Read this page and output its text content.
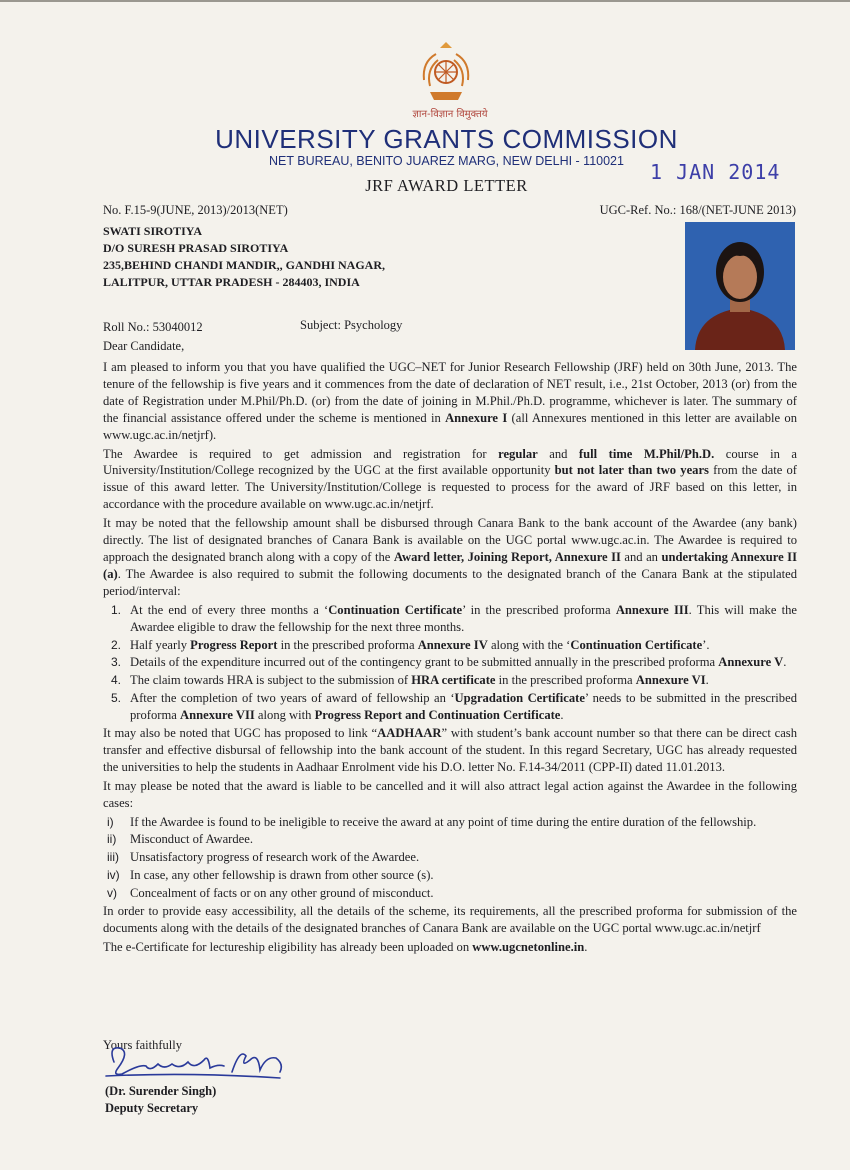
ज्ञान-विज्ञान विमुक्तये
UNIVERSITY GRANTS COMMISSION
NET BUREAU, BENITO JUAREZ MARG, NEW DELHI - 110021	1 JAN 2014
JRF AWARD LETTER
No. F.15-9(JUNE, 2013)/2013(NET)	UGC-Ref. No.: 168/(NET-JUNE 2013)
SWATI SIROTIYA
D/O SURESH PRASAD SIROTIYA
235,BEHIND CHANDI MANDIR,, GANDHI NAGAR,
LALITPUR, UTTAR PRADESH - 284403, INDIA
Roll No.: 53040012	Subject: Psychology
Dear Candidate,

I am pleased to inform you that you have qualified the UGC–NET for Junior Research Fellowship (JRF) held on 30th June, 2013. The tenure of the fellowship is five years and it commences from the date of declaration of NET result, i.e., 21st October, 2013 (or) from the date of Registration under M.Phil/Ph.D. (or) from the date of joining in M.Phil./Ph.D. programme, whichever is later. The summary of the financial assistance offered under the scheme is mentioned in Annexure I (all Annexures mentioned in this letter are available on www.ugc.ac.in/netjrf).

The Awardee is required to get admission and registration for regular and full time M.Phil/Ph.D. course in a University/Institution/College recognized by the UGC at the first available opportunity but not later than two years from the date of issue of this award letter. The University/Institution/College is requested to process for the award of JRF based on this letter, in accordance with the procedure available on www.ugc.ac.in/netjrf.

It may be noted that the fellowship amount shall be disbursed through Canara Bank to the bank account of the Awardee (any bank) directly. The list of designated branches of Canara Bank is available on the UGC portal www.ugc.ac.in. The Awardee is required to approach the designated branch along with a copy of the Award letter, Joining Report, Annexure II and an undertaking Annexure II (a). The Awardee is also required to submit the following documents to the designated branch of the Canara Bank at the stipulated period/interval:

1. At the end of every three months a ‘Continuation Certificate’ in the prescribed proforma Annexure III. This will make the Awardee eligible to draw the fellowship for the next three months.
2. Half yearly Progress Report in the prescribed proforma Annexure IV along with the ‘Continuation Certificate’.
3. Details of the expenditure incurred out of the contingency grant to be submitted annually in the prescribed proforma Annexure V.
4. The claim towards HRA is subject to the submission of HRA certificate in the prescribed proforma Annexure VI.
5. After the completion of two years of award of fellowship an ‘Upgradation Certificate’ needs to be submitted in the prescribed proforma Annexure VII along with Progress Report and Continuation Certificate.

It may also be noted that UGC has proposed to link “AADHAAR” with student’s bank account number so that there can be direct cash transfer and effective disbursal of fellowship into the bank account of the student. In this regard Secretary, UGC has already requested the universities to help the students in Aadhaar Enrolment vide his D.O. letter No. F.14-34/2011 (CPP-II) dated 11.01.2013.

It may please be noted that the award is liable to be cancelled and it will also attract legal action against the Awardee in the following cases:

i) If the Awardee is found to be ineligible to receive the award at any point of time during the entire duration of the fellowship.
ii) Misconduct of Awardee.
iii) Unsatisfactory progress of research work of the Awardee.
iv) In case, any other fellowship is drawn from other source (s).
v) Concealment of facts or on any other ground of misconduct.

In order to provide easy accessibility, all the details of the scheme, its requirements, all the prescribed proforma for submission of the documents along with the details of the designated branches of Canara Bank are available on the UGC portal www.ugc.ac.in/netjrf

The e-Certificate for lectureship eligibility has already been uploaded on www.ugcnetonline.in.

Yours faithfully
(Dr. Surender Singh)
Deputy Secretary
